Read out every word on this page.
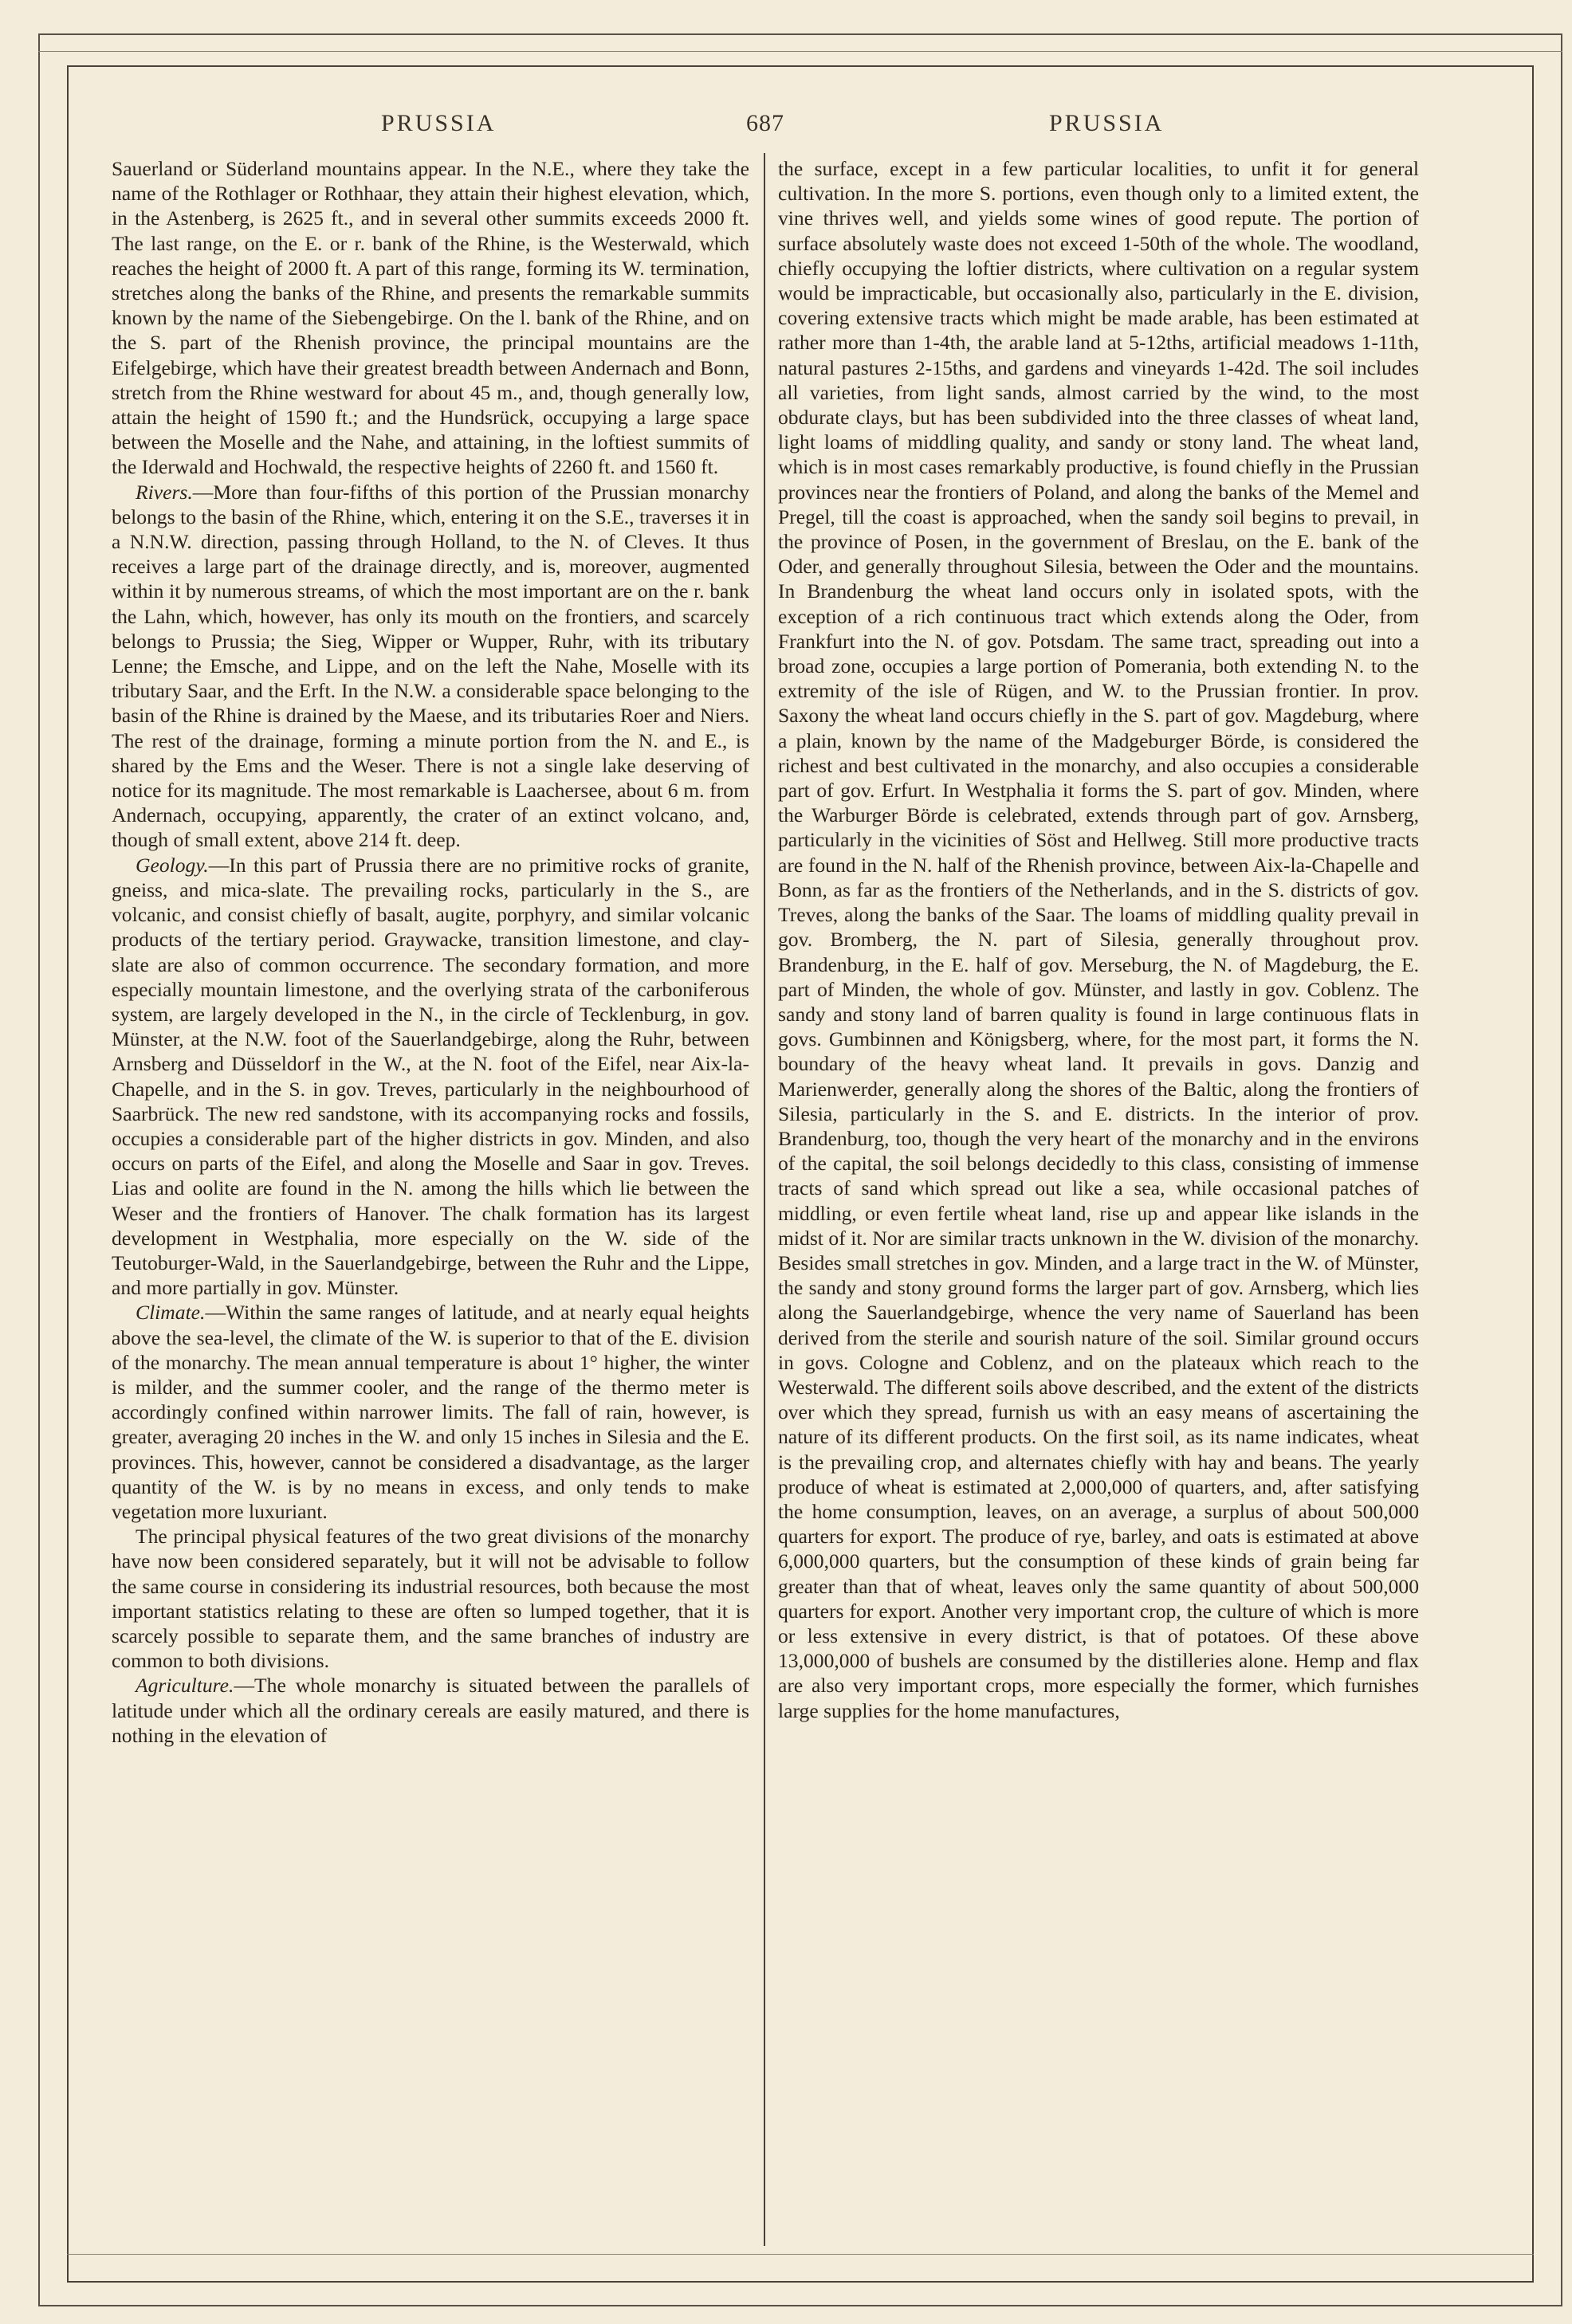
PRUSSIA	687	PRUSSIA

Sauerland or Süderland mountains appear. In the N.E., where they take the name of the Rothlager or Rothhaar, they attain their highest elevation, which, in the Astenberg, is 2625 ft., and in several other summits exceeds 2000 ft. The last range, on the E. or r. bank of the Rhine, is the Westerwald, which reaches the height of 2000 ft. A part of this range, forming its W. termination, stretches along the banks of the Rhine, and presents the remarkable summits known by the name of the Siebengebirge. On the l. bank of the Rhine, and on the S. part of the Rhenish province, the principal mountains are the Eifelgebirge, which have their greatest breadth between Andernach and Bonn, stretch from the Rhine westward for about 45 m., and, though generally low, attain the height of 1590 ft.; and the Hundsrück, occupying a large space between the Moselle and the Nahe, and attaining, in the loftiest summits of the Iderwald and Hochwald, the respective heights of 2260 ft. and 1560 ft.

Rivers.—More than four-fifths of this portion of the Prussian monarchy belongs to the basin of the Rhine, which, entering it on the S.E., traverses it in a N.N.W. direction, passing through Holland, to the N. of Cleves. It thus receives a large part of the drainage directly, and is, moreover, augmented within it by numerous streams, of which the most important are on the r. bank the Lahn, which, however, has only its mouth on the frontiers, and scarcely belongs to Prussia; the Sieg, Wipper or Wupper, Ruhr, with its tributary Lenne; the Emsche, and Lippe, and on the left the Nahe, Moselle with its tributary Saar, and the Erft. In the N.W. a considerable space belonging to the basin of the Rhine is drained by the Maese, and its tributaries Roer and Niers. The rest of the drainage, forming a minute portion from the N. and E., is shared by the Ems and the Weser. There is not a single lake deserving of notice for its magnitude. The most remarkable is Laachersee, about 6 m. from Andernach, occupying, apparently, the crater of an extinct volcano, and, though of small extent, above 214 ft. deep.

Geology.—In this part of Prussia there are no primitive rocks of granite, gneiss, and mica-slate. The prevailing rocks, particularly in the S., are volcanic, and consist chiefly of basalt, augite, porphyry, and similar volcanic products of the tertiary period. Graywacke, transition limestone, and clay-slate are also of common occurrence. The secondary formation, and more especially mountain limestone, and the overlying strata of the carboniferous system, are largely developed in the N., in the circle of Tecklenburg, in gov. Münster, at the N.W. foot of the Sauerlandgebirge, along the Ruhr, between Arnsberg and Düsseldorf in the W., at the N. foot of the Eifel, near Aix-la-Chapelle, and in the S. in gov. Treves, particularly in the neighbourhood of Saarbrück. The new red sandstone, with its accompanying rocks and fossils, occupies a considerable part of the higher districts in gov. Minden, and also occurs on parts of the Eifel, and along the Moselle and Saar in gov. Treves. Lias and oolite are found in the N. among the hills which lie between the Weser and the frontiers of Hanover. The chalk formation has its largest development in Westphalia, more especially on the W. side of the Teutoburger-Wald, in the Sauerlandgebirge, between the Ruhr and the Lippe, and more partially in gov. Münster.

Climate.—Within the same ranges of latitude, and at nearly equal heights above the sea-level, the climate of the W. is superior to that of the E. division of the monarchy. The mean annual temperature is about 1° higher, the winter is milder, and the summer cooler, and the range of the thermo meter is accordingly confined within narrower limits. The fall of rain, however, is greater, averaging 20 inches in the W. and only 15 inches in Silesia and the E. provinces. This, however, cannot be considered a disadvantage, as the larger quantity of the W. is by no means in excess, and only tends to make vegetation more luxuriant.

The principal physical features of the two great divisions of the monarchy have now been considered separately, but it will not be advisable to follow the same course in considering its industrial resources, both because the most important statistics relating to these are often so lumped together, that it is scarcely possible to separate them, and the same branches of industry are common to both divisions.

Agriculture.—The whole monarchy is situated between the parallels of latitude under which all the ordinary cereals are easily matured, and there is nothing in the elevation of

the surface, except in a few particular localities, to unfit it for general cultivation. In the more S. portions, even though only to a limited extent, the vine thrives well, and yields some wines of good repute. The portion of surface absolutely waste does not exceed 1-50th of the whole. The woodland, chiefly occupying the loftier districts, where cultivation on a regular system would be impracticable, but occasionally also, particularly in the E. division, covering extensive tracts which might be made arable, has been estimated at rather more than 1-4th, the arable land at 5-12ths, artificial meadows 1-11th, natural pastures 2-15ths, and gardens and vineyards 1-42d. The soil includes all varieties, from light sands, almost carried by the wind, to the most obdurate clays, but has been subdivided into the three classes of wheat land, light loams of middling quality, and sandy or stony land. The wheat land, which is in most cases remarkably productive, is found chiefly in the Prussian provinces near the frontiers of Poland, and along the banks of the Memel and Pregel, till the coast is approached, when the sandy soil begins to prevail, in the province of Posen, in the government of Breslau, on the E. bank of the Oder, and generally throughout Silesia, between the Oder and the mountains. In Brandenburg the wheat land occurs only in isolated spots, with the exception of a rich continuous tract which extends along the Oder, from Frankfurt into the N. of gov. Potsdam. The same tract, spreading out into a broad zone, occupies a large portion of Pomerania, both extending N. to the extremity of the isle of Rügen, and W. to the Prussian frontier. In prov. Saxony the wheat land occurs chiefly in the S. part of gov. Magdeburg, where a plain, known by the name of the Madgeburger Börde, is considered the richest and best cultivated in the monarchy, and also occupies a considerable part of gov. Erfurt. In Westphalia it forms the S. part of gov. Minden, where the Warburger Börde is celebrated, extends through part of gov. Arnsberg, particularly in the vicinities of Söst and Hellweg. Still more productive tracts are found in the N. half of the Rhenish province, between Aix-la-Chapelle and Bonn, as far as the frontiers of the Netherlands, and in the S. districts of gov. Treves, along the banks of the Saar. The loams of middling quality prevail in gov. Bromberg, the N. part of Silesia, generally throughout prov. Brandenburg, in the E. half of gov. Merseburg, the N. of Magdeburg, the E. part of Minden, the whole of gov. Münster, and lastly in gov. Coblenz. The sandy and stony land of barren quality is found in large continuous flats in govs. Gumbinnen and Königsberg, where, for the most part, it forms the N. boundary of the heavy wheat land. It prevails in govs. Danzig and Marienwerder, generally along the shores of the Baltic, along the frontiers of Silesia, particularly in the S. and E. districts. In the interior of prov. Brandenburg, too, though the very heart of the monarchy and in the environs of the capital, the soil belongs decidedly to this class, consisting of immense tracts of sand which spread out like a sea, while occasional patches of middling, or even fertile wheat land, rise up and appear like islands in the midst of it. Nor are similar tracts unknown in the W. division of the monarchy. Besides small stretches in gov. Minden, and a large tract in the W. of Münster, the sandy and stony ground forms the larger part of gov. Arnsberg, which lies along the Sauerlandgebirge, whence the very name of Sauerland has been derived from the sterile and sourish nature of the soil. Similar ground occurs in govs. Cologne and Coblenz, and on the plateaux which reach to the Westerwald. The different soils above described, and the extent of the districts over which they spread, furnish us with an easy means of ascertaining the nature of its different products. On the first soil, as its name indicates, wheat is the prevailing crop, and alternates chiefly with hay and beans. The yearly produce of wheat is estimated at 2,000,000 of quarters, and, after satisfying the home consumption, leaves, on an average, a surplus of about 500,000 quarters for export. The produce of rye, barley, and oats is estimated at above 6,000,000 quarters, but the consumption of these kinds of grain being far greater than that of wheat, leaves only the same quantity of about 500,000 quarters for export. Another very important crop, the culture of which is more or less extensive in every district, is that of potatoes. Of these above 13,000,000 of bushels are consumed by the distilleries alone. Hemp and flax are also very important crops, more especially the former, which furnishes large supplies for the home manufactures,
